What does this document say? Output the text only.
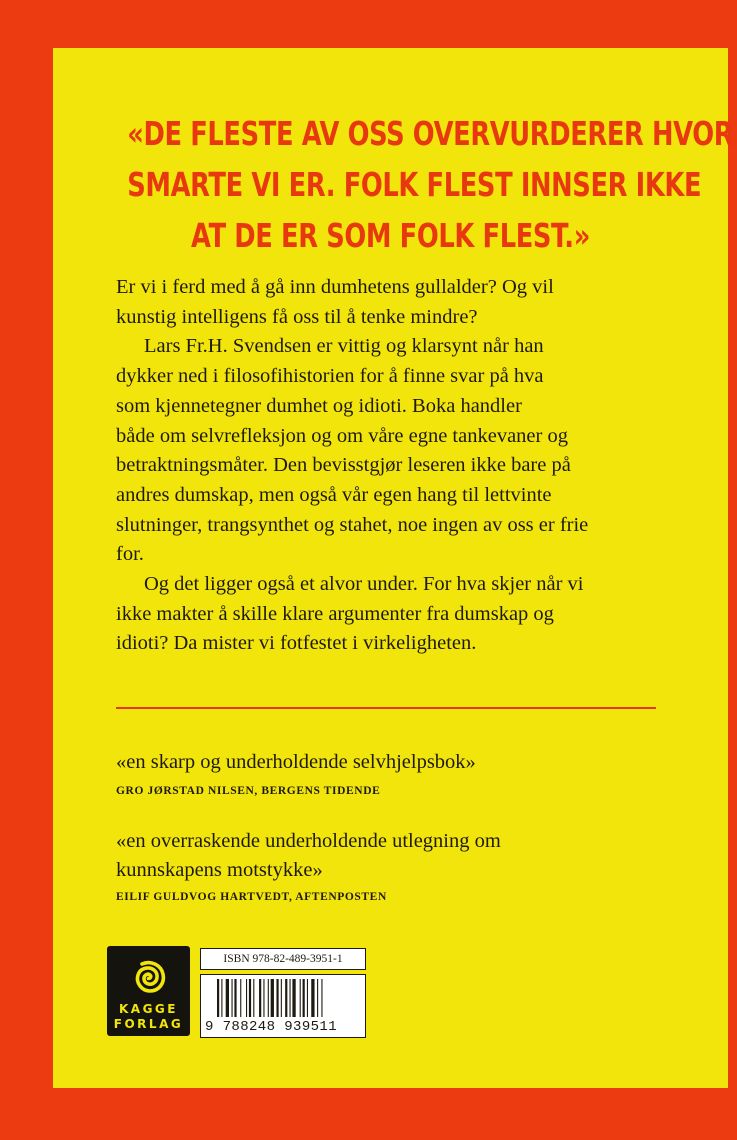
«DE FLESTE AV OSS OVERVURDERER HVOR
SMARTE VI ER. FOLK FLEST INNSER IKKE
AT DE ER SOM FOLK FLEST.»
Er vi i ferd med å gå inn dumhetens gullalder? Og vil
kunstig intelligens få oss til å tenke mindre?
Lars Fr.H. Svendsen er vittig og klarsynt når han
dykker ned i filosofihistorien for å finne svar på hva
som kjennetegner dumhet og idioti. Boka handler
både om selvrefleksjon og om våre egne tankevaner og
betraktningsmåter. Den bevisstgjør leseren ikke bare på
andres dumskap, men også vår egen hang til lettvinte
slutninger, trangsynthet og stahet, noe ingen av oss er frie
for.
Og det ligger også et alvor under. For hva skjer når vi
ikke makter å skille klare argumenter fra dumskap og
idioti? Da mister vi fotfestet i virkeligheten.
«en skarp og underholdende selvhjelpsbok»
GRO JØRSTAD NILSEN, BERGENS TIDENDE
«en overraskende underholdende utlegning om
kunnskapens motstykke»
EILIF GULDVOG HARTVEDT, AFTENPOSTEN
KAGGE
FORLAG
ISBN 978-82-489-3951-1
9 788248 939511
